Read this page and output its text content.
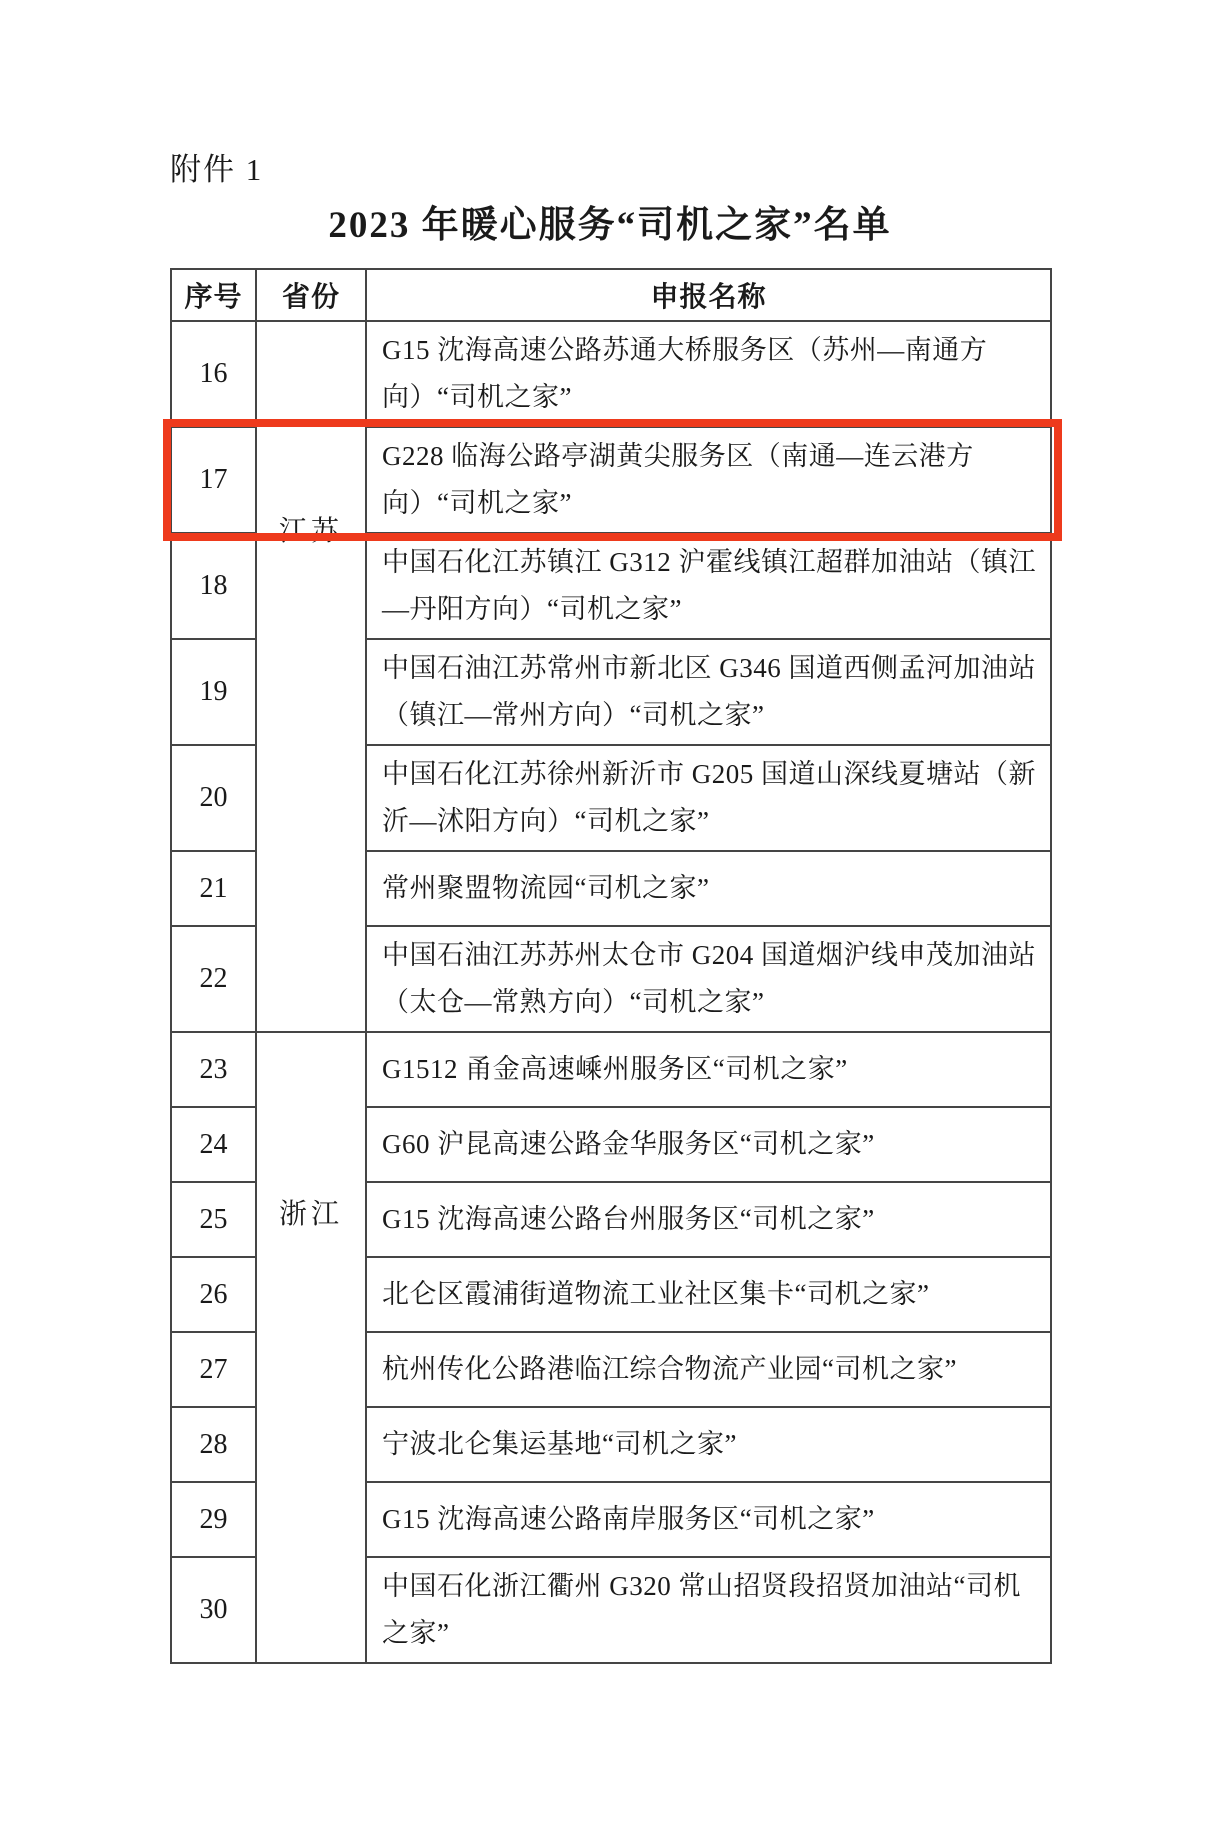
附件 1
2023 年暖心服务“司机之家”名单
序号	省份	申报名称
16	江苏	G15 沈海高速公路苏通大桥服务区（苏州—南通方向）“司机之家”
17		G228 临海公路亭湖黄尖服务区（南通—连云港方向）“司机之家”
18		中国石化江苏镇江 G312 沪霍线镇江超群加油站（镇江—丹阳方向）“司机之家”
19		中国石油江苏常州市新北区 G346 国道西侧孟河加油站（镇江—常州方向）“司机之家”
20		中国石化江苏徐州新沂市 G205 国道山深线夏塘站（新沂—沭阳方向）“司机之家”
21		常州聚盟物流园“司机之家”
22		中国石油江苏苏州太仓市 G204 国道烟沪线申茂加油站（太仓—常熟方向）“司机之家”
23	浙江	G1512 甬金高速嵊州服务区“司机之家”
24		G60 沪昆高速公路金华服务区“司机之家”
25		G15 沈海高速公路台州服务区“司机之家”
26		北仑区霞浦街道物流工业社区集卡“司机之家”
27		杭州传化公路港临江综合物流产业园“司机之家”
28		宁波北仑集运基地“司机之家”
29		G15 沈海高速公路南岸服务区“司机之家”
30		中国石化浙江衢州 G320 常山招贤段招贤加油站“司机之家”
